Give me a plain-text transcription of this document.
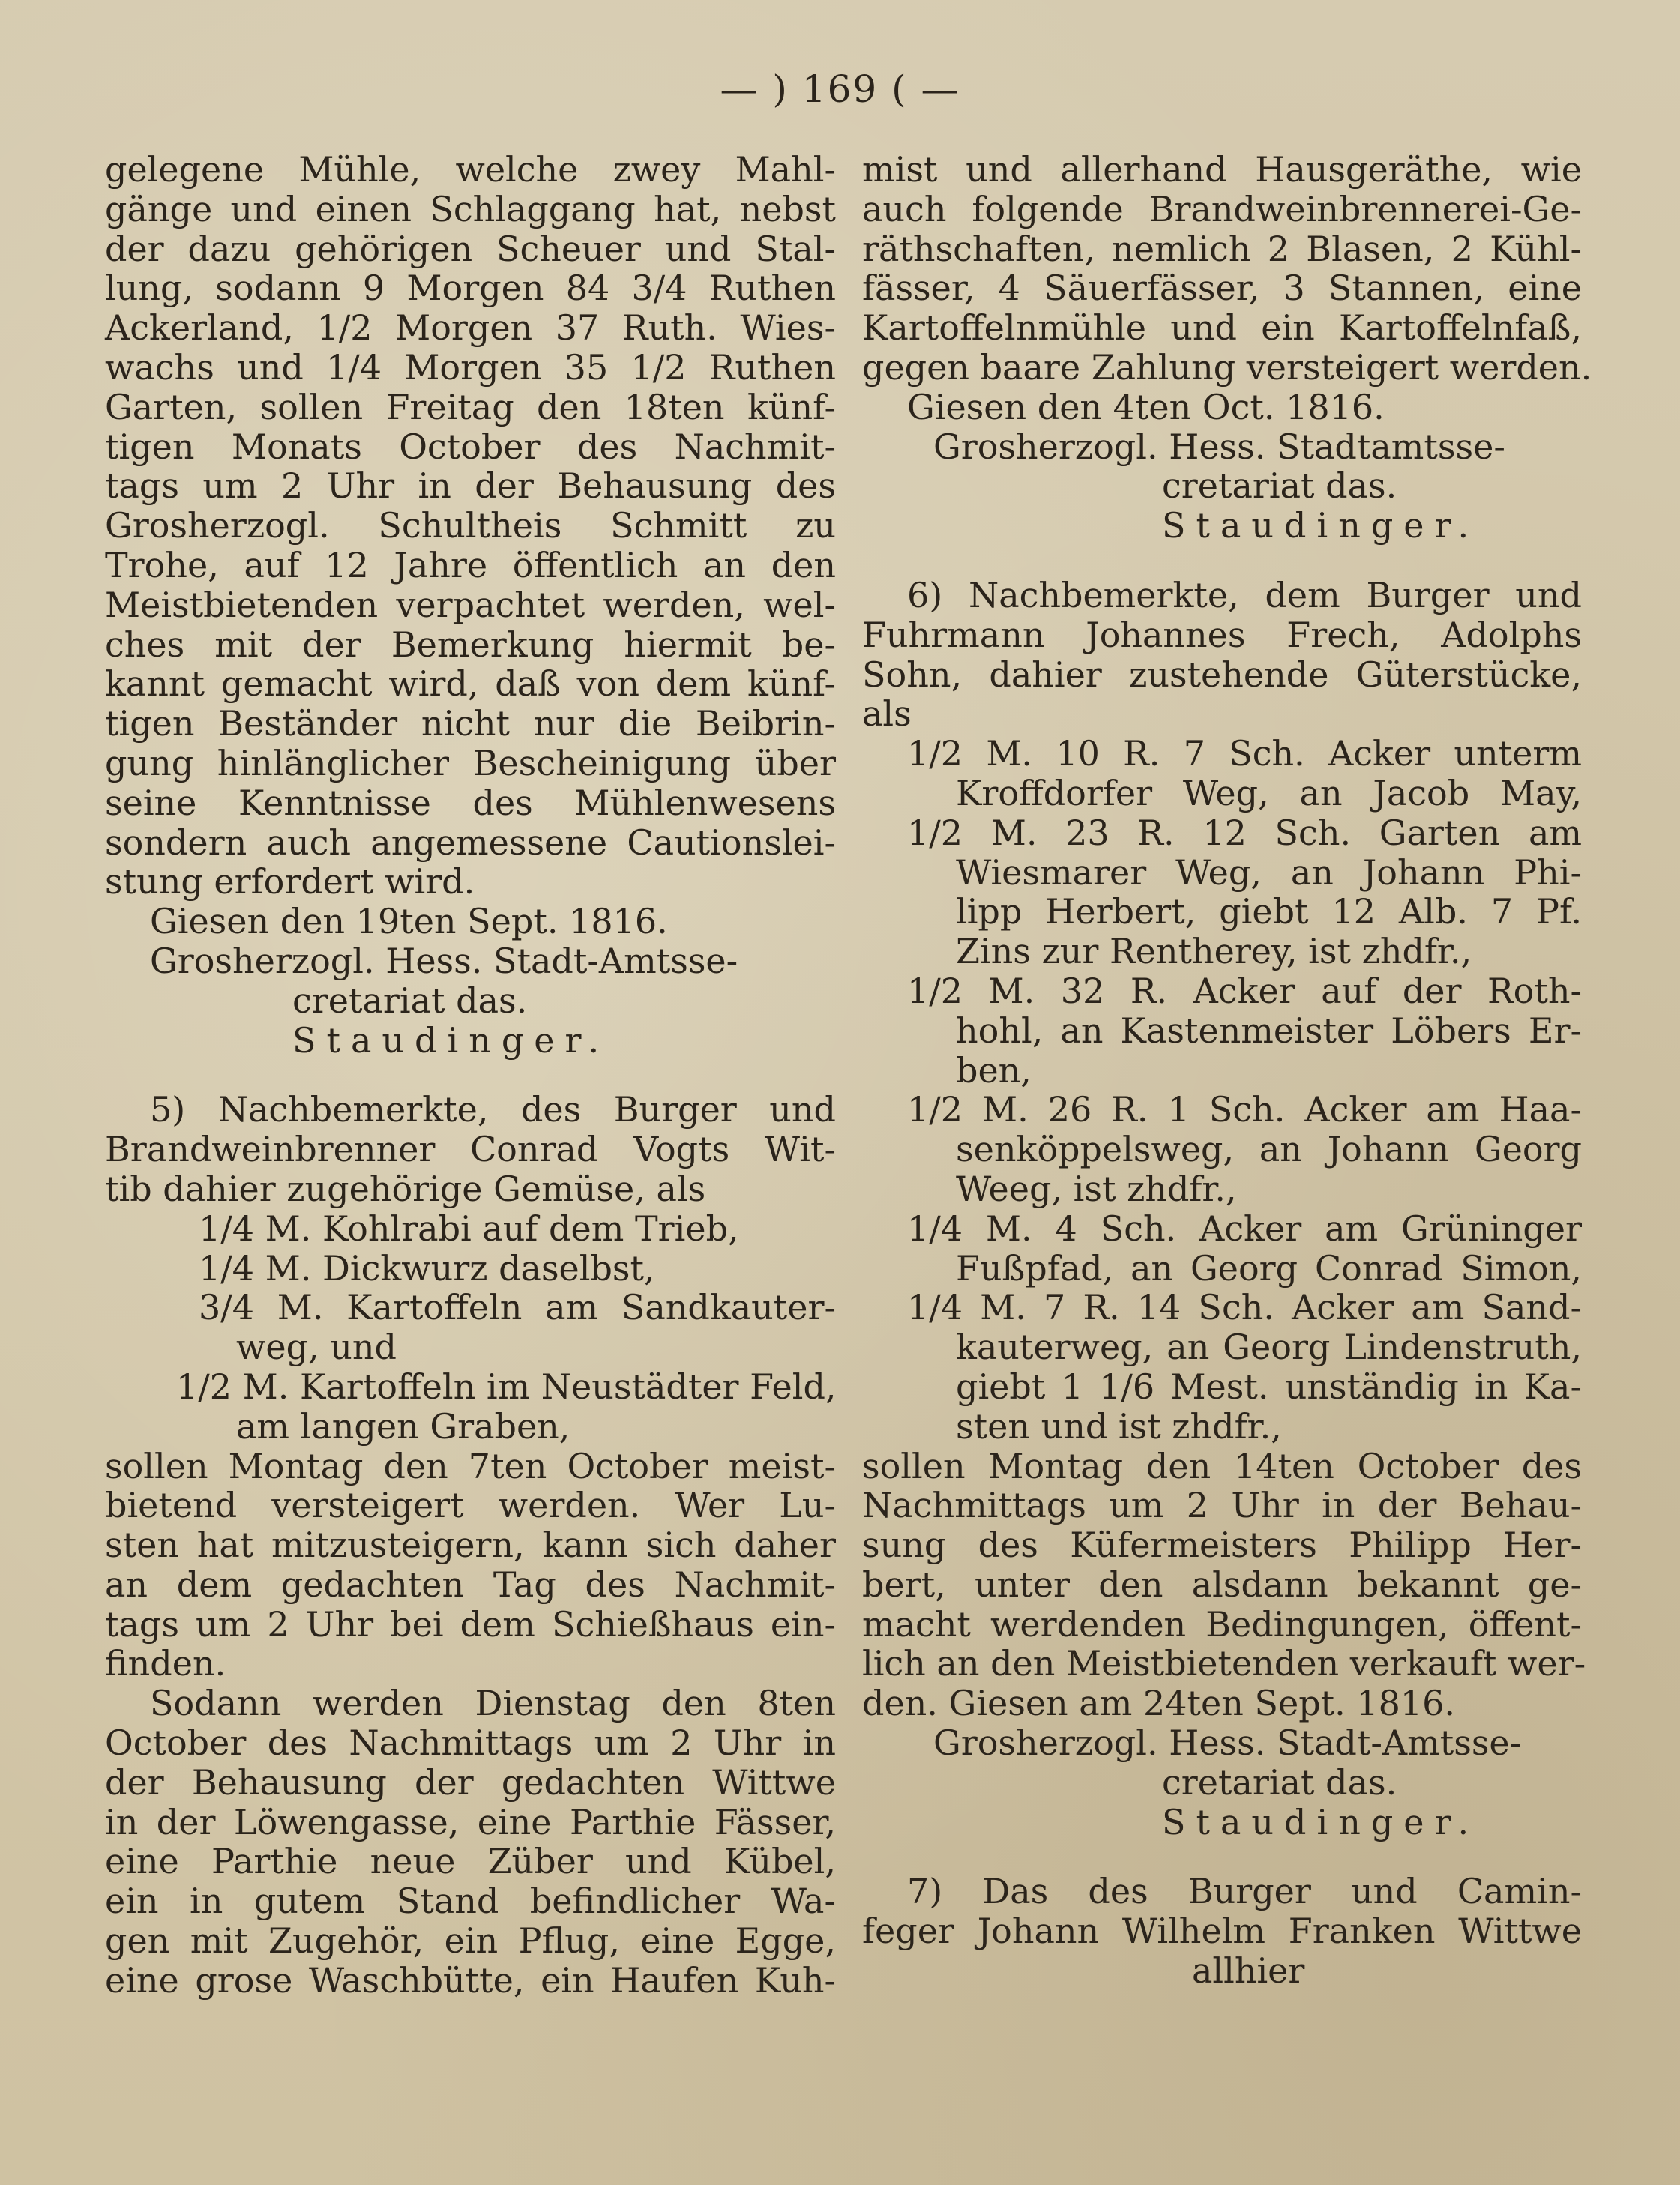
— ) 169 ( —
gelegene Mühle, welche zwey Mahl-
gänge und einen Schlaggang hat, nebst
der dazu gehörigen Scheuer und Stal-
lung, sodann 9 Morgen 84 3/4 Ruthen
Ackerland, 1/2 Morgen 37 Ruth. Wies-
wachs und 1/4 Morgen 35 1/2 Ruthen
Garten, sollen Freitag den 18ten künf-
tigen Monats October des Nachmit-
tags um 2 Uhr in der Behausung des
Grosherzogl. Schultheis Schmitt zu
Trohe, auf 12 Jahre öffentlich an den
Meistbietenden verpachtet werden, wel-
ches mit der Bemerkung hiermit be-
kannt gemacht wird, daß von dem künf-
tigen Beständer nicht nur die Beibrin-
gung hinlänglicher Bescheinigung über
seine Kenntnisse des Mühlenwesens
sondern auch angemessene Cautionslei-
stung erfordert wird.
Giesen den 19ten Sept. 1816.
Grosherzogl. Hess. Stadt-Amtsse-
cretariat das.
Staudinger.
5) Nachbemerkte, des Burger und
Brandweinbrenner Conrad Vogts Wit-
tib dahier zugehörige Gemüse, als
1/4 M. Kohlrabi auf dem Trieb,
1/4 M. Dickwurz daselbst,
3/4 M. Kartoffeln am Sandkauter-
weg, und
1/2 M. Kartoffeln im Neustädter Feld,
am langen Graben,
sollen Montag den 7ten October meist-
bietend versteigert werden. Wer Lu-
sten hat mitzusteigern, kann sich daher
an dem gedachten Tag des Nachmit-
tags um 2 Uhr bei dem Schießhaus ein-
finden.
Sodann werden Dienstag den 8ten
October des Nachmittags um 2 Uhr in
der Behausung der gedachten Wittwe
in der Löwengasse, eine Parthie Fässer,
eine Parthie neue Züber und Kübel,
ein in gutem Stand befindlicher Wa-
gen mit Zugehör, ein Pflug, eine Egge,
eine grose Waschbütte, ein Haufen Kuh-
mist und allerhand Hausgeräthe, wie
auch folgende Brandweinbrennerei-Ge-
räthschaften, nemlich 2 Blasen, 2 Kühl-
fässer, 4 Säuerfässer, 3 Stannen, eine
Kartoffelnmühle und ein Kartoffelnfaß,
gegen baare Zahlung versteigert werden.
Giesen den 4ten Oct. 1816.
Grosherzogl. Hess. Stadtamtsse-
cretariat das.
Staudinger.
6) Nachbemerkte, dem Burger und
Fuhrmann Johannes Frech, Adolphs
Sohn, dahier zustehende Güterstücke,
als
1/2 M. 10 R. 7 Sch. Acker unterm
Kroffdorfer Weg, an Jacob May,
1/2 M. 23 R. 12 Sch. Garten am
Wiesmarer Weg, an Johann Phi-
lipp Herbert, giebt 12 Alb. 7 Pf.
Zins zur Rentherey, ist zhdfr.,
1/2 M. 32 R. Acker auf der Roth-
hohl, an Kastenmeister Löbers Er-
ben,
1/2 M. 26 R. 1 Sch. Acker am Haa-
senköppelsweg, an Johann Georg
Weeg, ist zhdfr.,
1/4 M. 4 Sch. Acker am Grüninger
Fußpfad, an Georg Conrad Simon,
1/4 M. 7 R. 14 Sch. Acker am Sand-
kauterweg, an Georg Lindenstruth,
giebt 1 1/6 Mest. unständig in Ka-
sten und ist zhdfr.,
sollen Montag den 14ten October des
Nachmittags um 2 Uhr in der Behau-
sung des Küfermeisters Philipp Her-
bert, unter den alsdann bekannt ge-
macht werdenden Bedingungen, öffent-
lich an den Meistbietenden verkauft wer-
den. Giesen am 24ten Sept. 1816.
Grosherzogl. Hess. Stadt-Amtsse-
cretariat das.
Staudinger.
7) Das des Burger und Camin-
feger Johann Wilhelm Franken Wittwe
allhier
